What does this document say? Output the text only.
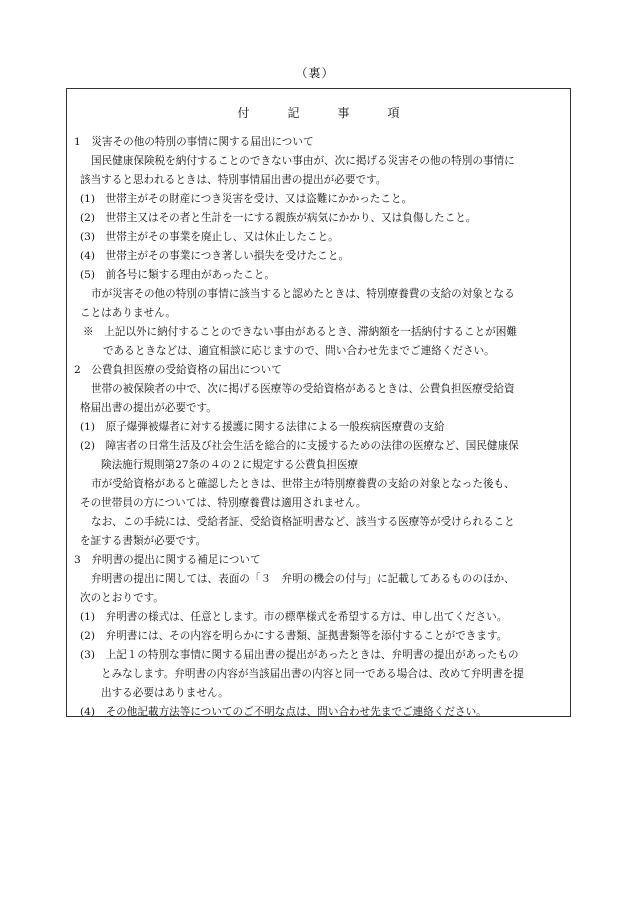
（裏）
付	記	事	項
1　災害その他の特別の事情に関する届出について
国民健康保険税を納付することのできない事由が、次に掲げる災害その他の特別の事情に
該当すると思われるときは、特別事情届出書の提出が必要です。
(1)　世帯主がその財産につき災害を受け、又は盗難にかかったこと。
(2)　世帯主又はその者と生計を一にする親族が病気にかかり、又は負傷したこと。
(3)　世帯主がその事業を廃止し、又は休止したこと。
(4)　世帯主がその事業につき著しい損失を受けたこと。
(5)　前各号に類する理由があったこと。
市が災害その他の特別の事情に該当すると認めたときは、特別療養費の支給の対象となる
ことはありません。
※　上記以外に納付することのできない事由があるとき、滞納額を一括納付することが困難
であるときなどは、適宜相談に応じますので、問い合わせ先までご連絡ください。
2　公費負担医療の受給資格の届出について
世帯の被保険者の中で、次に掲げる医療等の受給資格があるときは、公費負担医療受給資
格届出書の提出が必要です。
(1)　原子爆弾被爆者に対する援護に関する法律による一般疾病医療費の支給
(2)　障害者の日常生活及び社会生活を総合的に支援するための法律の医療など、国民健康保
険法施行規則第27条の４の２に規定する公費負担医療
市が受給資格があると確認したときは、世帯主が特別療養費の支給の対象となった後も、
その世帯員の方については、特別療養費は適用されません。
なお、この手続には、受給者証、受給資格証明書など、該当する医療等が受けられること
を証する書類が必要です。
3　弁明書の提出に関する補足について
弁明書の提出に関しては、表面の「３　弁明の機会の付与」に記載してあるもののほか、
次のとおりです。
(1)　弁明書の様式は、任意とします。市の標準様式を希望する方は、申し出てください。
(2)　弁明書には、その内容を明らかにする書類、証拠書類等を添付することができます。
(3)　上記１の特別な事情に関する届出書の提出があったときは、弁明書の提出があったもの
とみなします。弁明書の内容が当該届出書の内容と同一である場合は、改めて弁明書を提
出する必要はありません。
(4)　その他記載方法等についてのご不明な点は、問い合わせ先までご連絡ください。
